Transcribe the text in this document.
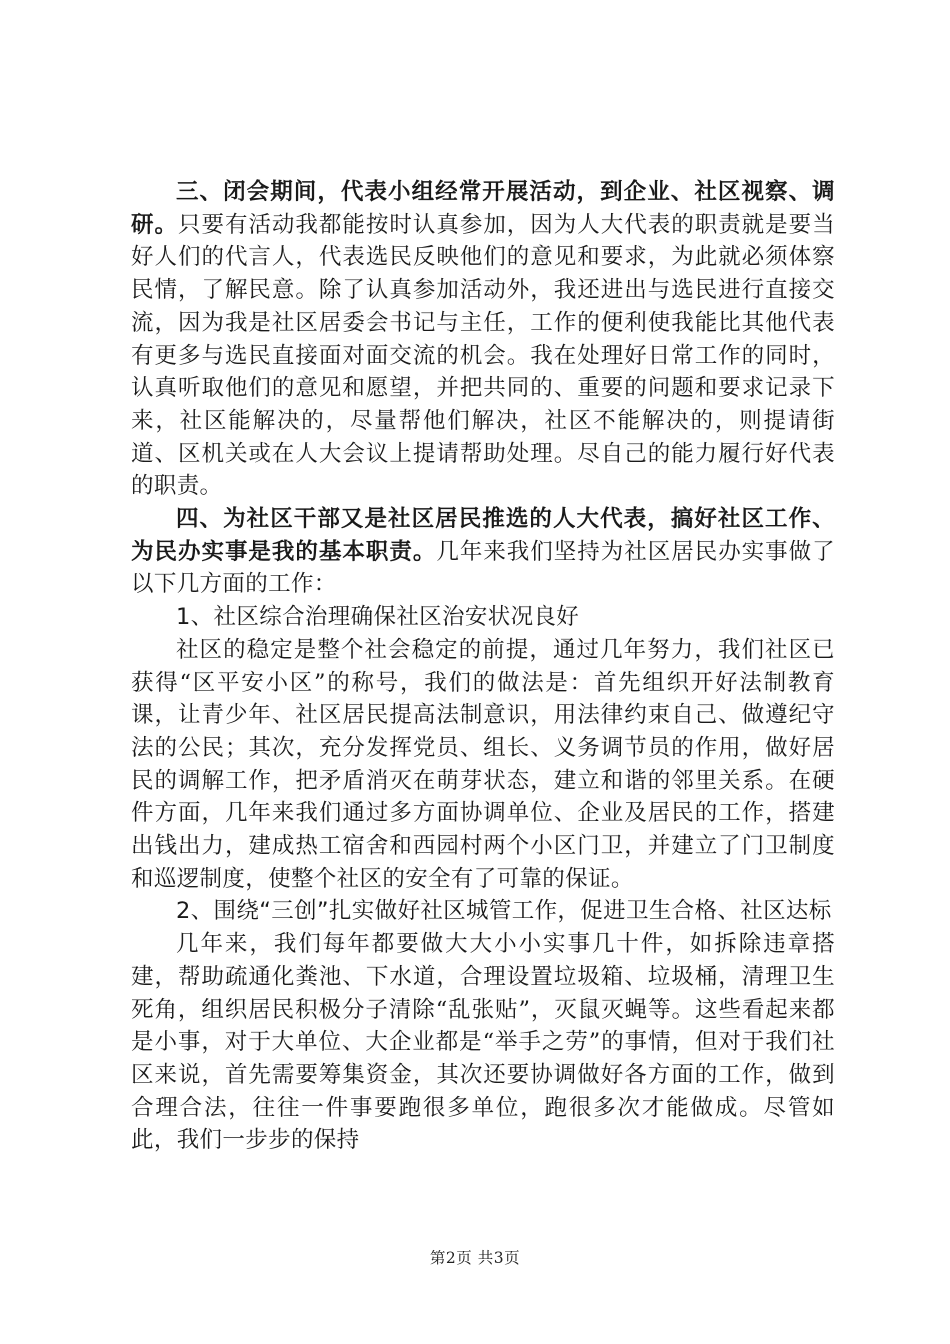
三、闭会期间，代表小组经常开展活动，到企业、社区视察、调研。只要有活动我都能按时认真参加，因为人大代表的职责就是要当好人们的代言人，代表选民反映他们的意见和要求，为此就必须体察民情，了解民意。除了认真参加活动外，我还进出与选民进行直接交流，因为我是社区居委会书记与主任，工作的便利使我能比其他代表有更多与选民直接面对面交流的机会。我在处理好日常工作的同时，认真听取他们的意见和愿望，并把共同的、重要的问题和要求记录下来，社区能解决的，尽量帮他们解决，社区不能解决的，则提请街道、区机关或在人大会议上提请帮助处理。尽自己的能力履行好代表的职责。

四、为社区干部又是社区居民推选的人大代表，搞好社区工作、为民办实事是我的基本职责。几年来我们坚持为社区居民办实事做了以下几方面的工作：

1、社区综合治理确保社区治安状况良好

社区的稳定是整个社会稳定的前提，通过几年努力，我们社区已获得“区平安小区”的称号，我们的做法是：首先组织开好法制教育课，让青少年、社区居民提高法制意识，用法律约束自己、做遵纪守法的公民；其次，充分发挥党员、组长、义务调节员的作用，做好居民的调解工作，把矛盾消灭在萌芽状态，建立和谐的邻里关系。在硬件方面，几年来我们通过多方面协调单位、企业及居民的工作，搭建出钱出力，建成热工宿舍和西园村两个小区门卫，并建立了门卫制度和巡逻制度，使整个社区的安全有了可靠的保证。

2、围绕“三创”扎实做好社区城管工作，促进卫生合格、社区达标

几年来，我们每年都要做大大小小实事几十件，如拆除违章搭建，帮助疏通化粪池、下水道，合理设置垃圾箱、垃圾桶，清理卫生死角，组织居民积极分子清除“乱张贴”，灭鼠灭蝇等。这些看起来都是小事，对于大单位、大企业都是“举手之劳”的事情，但对于我们社区来说，首先需要筹集资金，其次还要协调做好各方面的工作，做到合理合法，往往一件事要跑很多单位，跑很多次才能做成。尽管如此，我们一步步的保持

第2页 共3页
